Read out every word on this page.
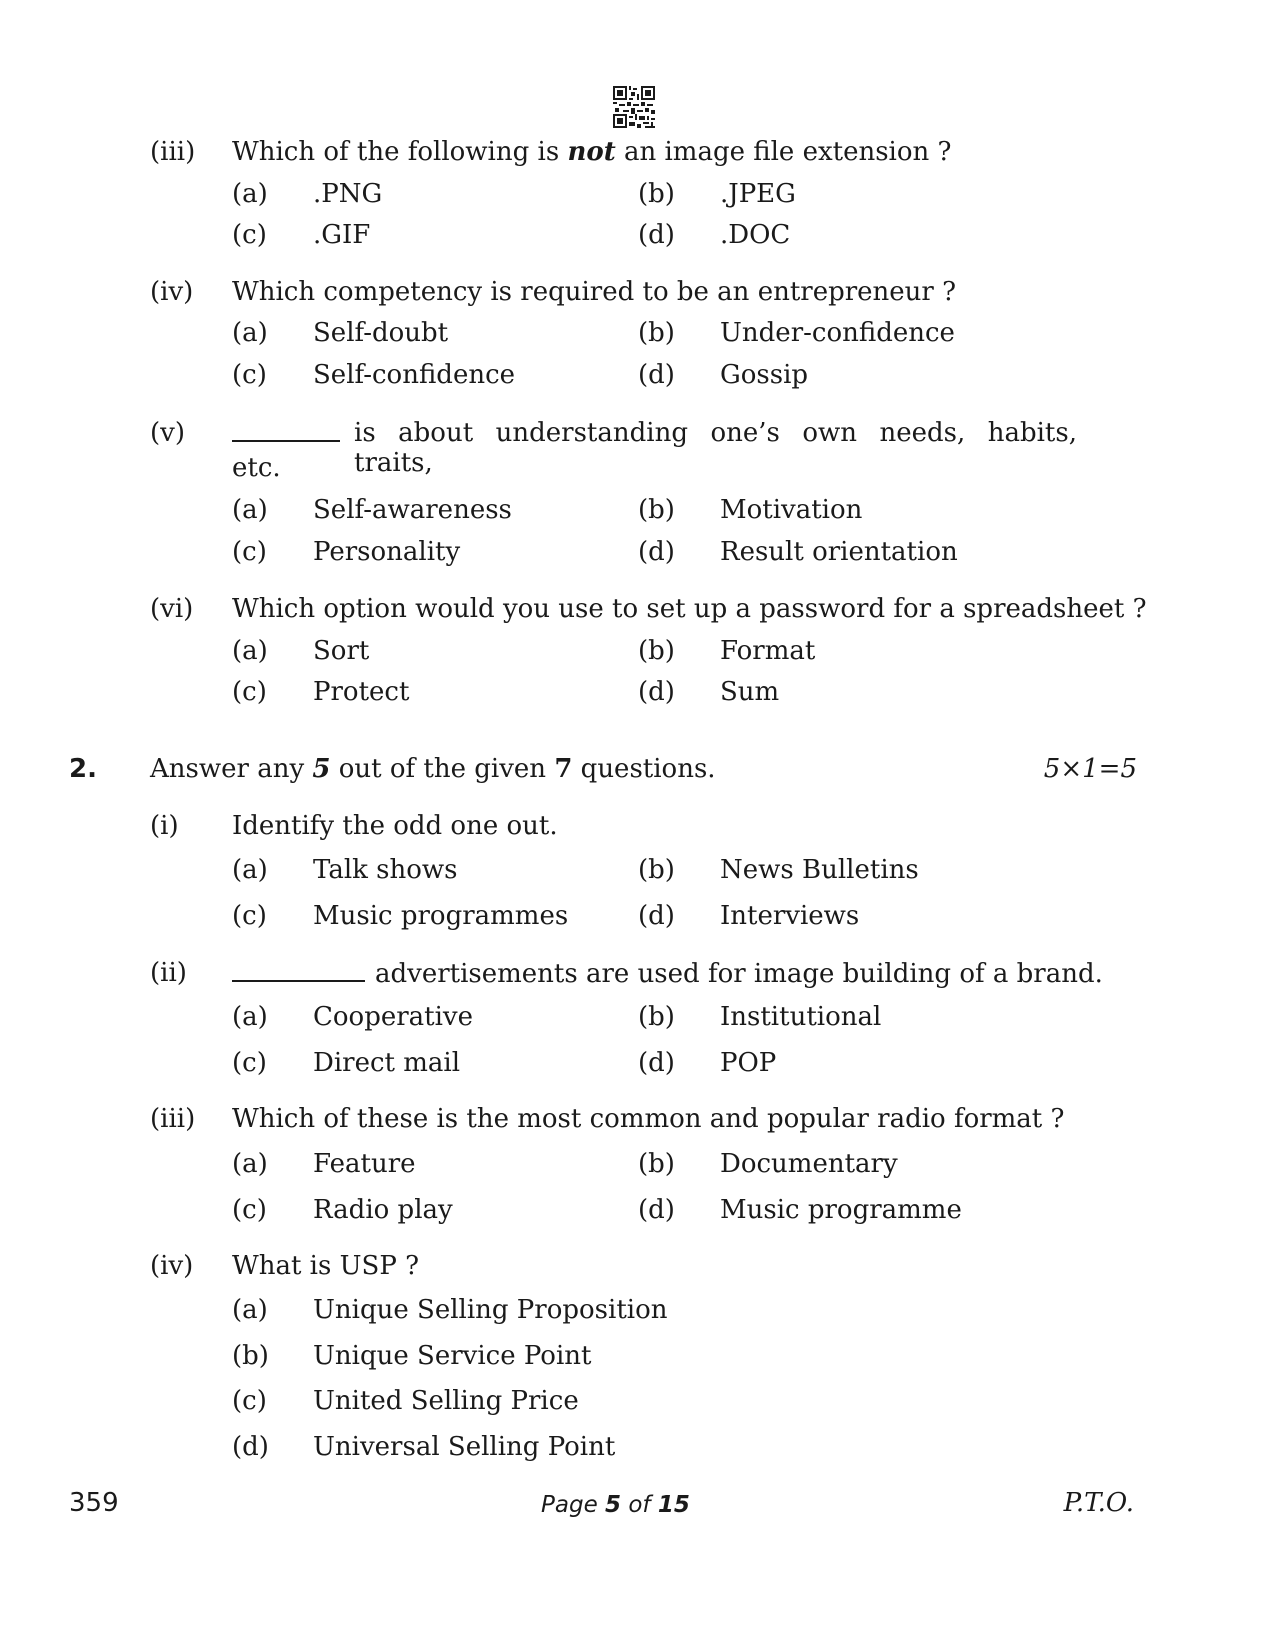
(iii) Which of the following is not an image file extension ?
(a) .PNG	(b) .JPEG
(c) .GIF	(d) .DOC
(iv) Which competency is required to be an entrepreneur ?
(a) Self-doubt	(b) Under-confidence
(c) Self-confidence	(d) Gossip
(v)	is about understanding one’s own needs, habits, traits,
etc.
(a) Self-awareness	(b) Motivation
(c) Personality	(d) Result orientation
(vi) Which option would you use to set up a password for a spreadsheet ?
(a) Sort	(b) Format
(c) Protect	(d) Sum
2. Answer any 5 out of the given 7 questions.	5×1=5
(i) Identify the odd one out.
(a) Talk shows	(b) News Bulletins
(c) Music programmes	(d) Interviews
(ii)	advertisements are used for image building of a brand.
(a) Cooperative	(b) Institutional
(c) Direct mail	(d) POP
(iii) Which of these is the most common and popular radio format ?
(a) Feature	(b) Documentary
(c) Radio play	(d) Music programme
(iv) What is USP ?
(a) Unique Selling Proposition
(b) Unique Service Point
(c) United Selling Price
(d) Universal Selling Point
359	Page 5 of 15	P.T.O.
